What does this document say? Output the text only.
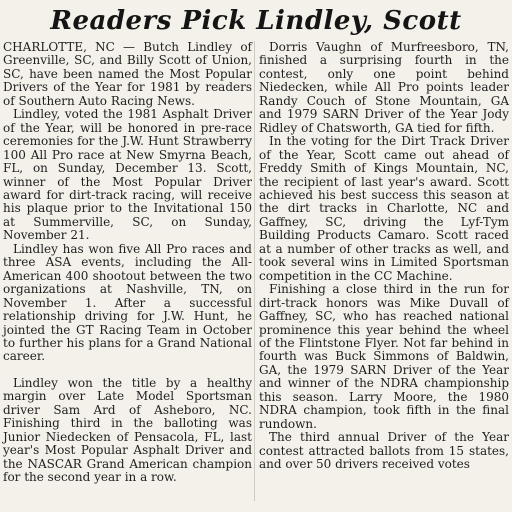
Readers Pick Lindley, Scott

CHARLOTTE, NC — Butch Lindley of Greenville, SC, and Billy Scott of Union, SC, have been named the Most Popular Drivers of the Year for 1981 by readers of Southern Auto Racing News.

Lindley, voted the 1981 Asphalt Driver of the Year, will be honored in pre-race ceremonies for the J.W. Hunt Strawberry 100 All Pro race at New Smyrna Beach, FL, on Sunday, December 13. Scott, winner of the Most Popular Driver award for dirt-track racing, will receive his plaque prior to the Invitational 150 at Summerville, SC, on Sunday, November 21.

Lindley has won five All Pro races and three ASA events, including the All-American 400 shootout between the two organizations at Nashville, TN, on November 1. After a successful relationship driving for J.W. Hunt, he jointed the GT Racing Team in October to further his plans for a Grand National career.

Lindley won the title by a healthy margin over Late Model Sportsman driver Sam Ard of Asheboro, NC. Finishing third in the balloting was Junior Niedecken of Pensacola, FL, last year's Most Popular Asphalt Driver and the NASCAR Grand American champion for the second year in a row.

Dorris Vaughn of Murfreesboro, TN, finished a surprising fourth in the contest, only one point behind Niedecken, while All Pro points leader Randy Couch of Stone Mountain, GA and 1979 SARN Driver of the Year Jody Ridley of Chatsworth, GA tied for fifth.

In the voting for the Dirt Track Driver of the Year, Scott came out ahead of Freddy Smith of Kings Mountain, NC, the recipient of last year's award. Scott achieved his best success this season at the dirt tracks in Charlotte, NC and Gaffney, SC, driving the Lyf-Tym Building Products Camaro. Scott raced at a number of other tracks as well, and took several wins in Limited Sportsman competition in the CC Machine.

Finishing a close third in the run for dirt-track honors was Mike Duvall of Gaffney, SC, who has reached national prominence this year behind the wheel of the Flintstone Flyer. Not far behind in fourth was Buck Simmons of Baldwin, GA, the 1979 SARN Driver of the Year and winner of the NDRA championship this season. Larry Moore, the 1980 NDRA champion, took fifth in the final rundown.

The third annual Driver of the Year contest attracted ballots from 15 states, and over 50 drivers received votes
